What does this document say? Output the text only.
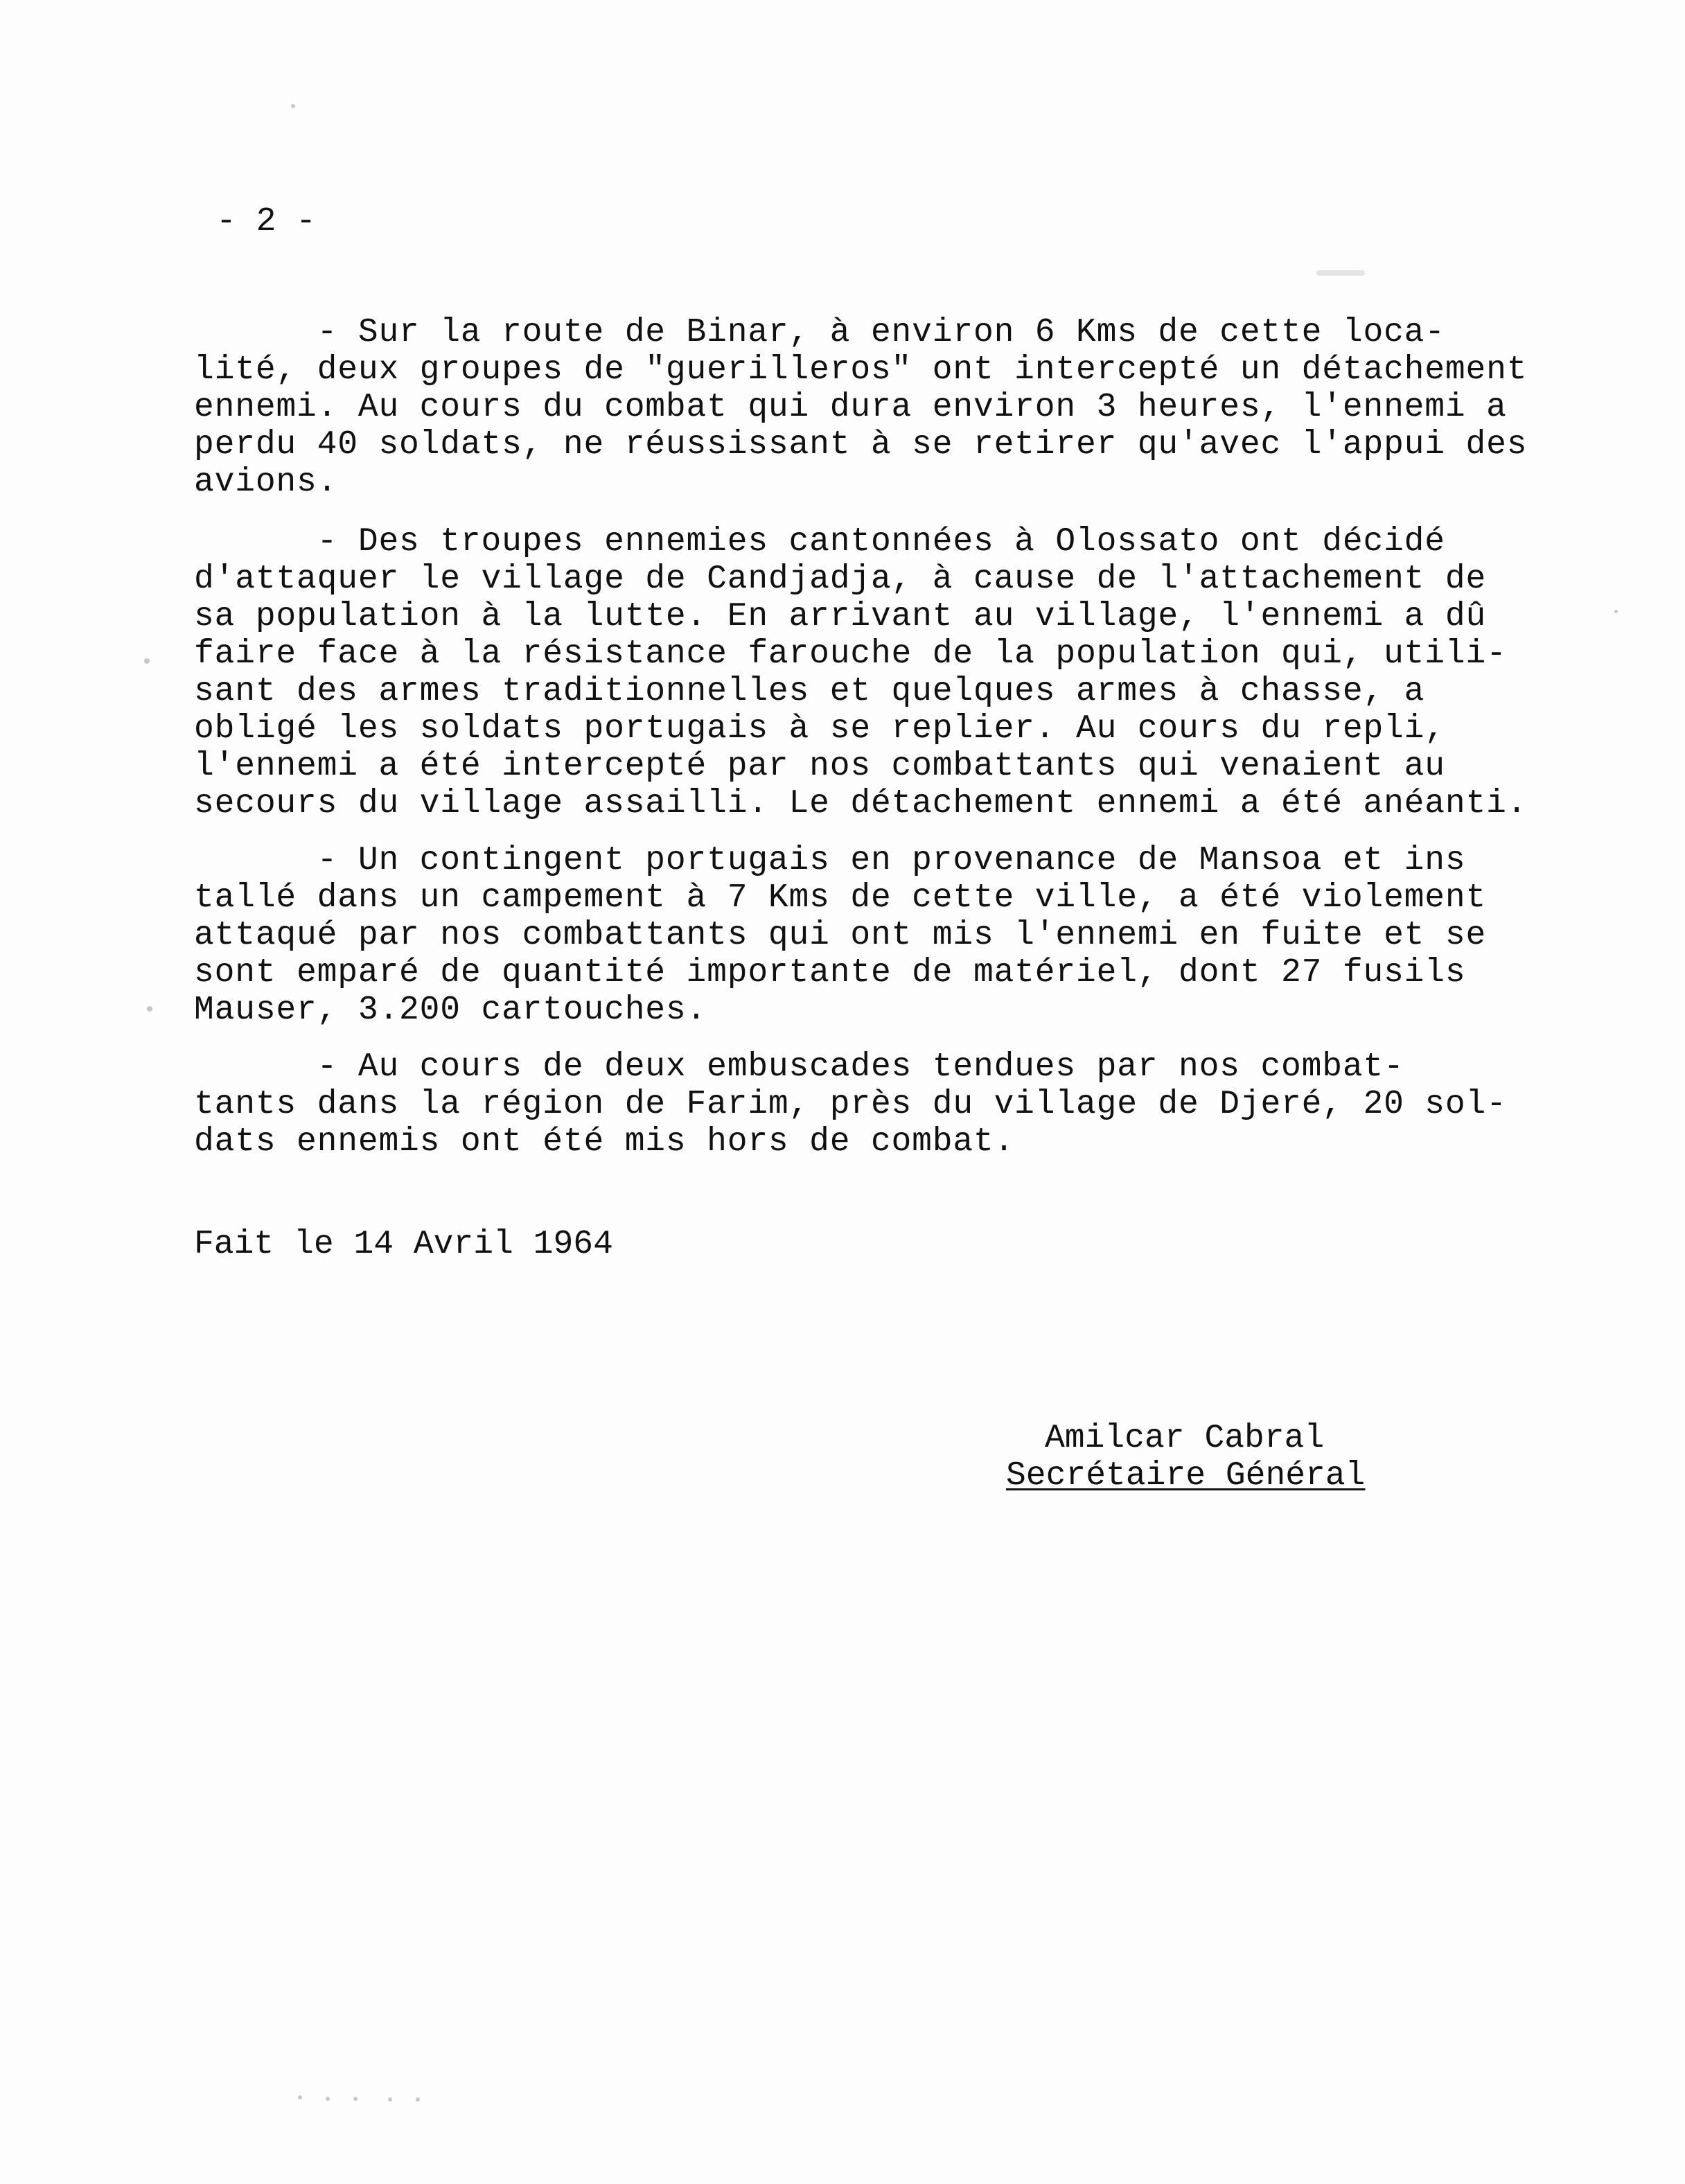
- 2 -
- Sur la route de Binar, à environ 6 Kms de cette loca-
lité, deux groupes de "guerilleros" ont intercepté un détachement
ennemi. Au cours du combat qui dura environ 3 heures, l'ennemi a
perdu 40 soldats, ne réussissant à se retirer qu'avec l'appui des
avions.
- Des troupes ennemies cantonnées à Olossato ont décidé
d'attaquer le village de Candjadja, à cause de l'attachement de
sa population à la lutte. En arrivant au village, l'ennemi a dû
faire face à la résistance farouche de la population qui, utili-
sant des armes traditionnelles et quelques armes à chasse, a
obligé les soldats portugais à se replier. Au cours du repli,
l'ennemi a été intercepté par nos combattants qui venaient au
secours du village assailli. Le détachement ennemi a été anéanti.
- Un contingent portugais en provenance de Mansoa et ins
tallé dans un campement à 7 Kms de cette ville, a été violement
attaqué par nos combattants qui ont mis l'ennemi en fuite et se
sont emparé de quantité importante de matériel, dont 27 fusils
Mauser, 3.200 cartouches.
- Au cours de deux embuscades tendues par nos combat-
tants dans la région de Farim, près du village de Djeré, 20 sol-
dats ennemis ont été mis hors de combat.
Fait le 14 Avril 1964
Amilcar Cabral
Secrétaire Général
